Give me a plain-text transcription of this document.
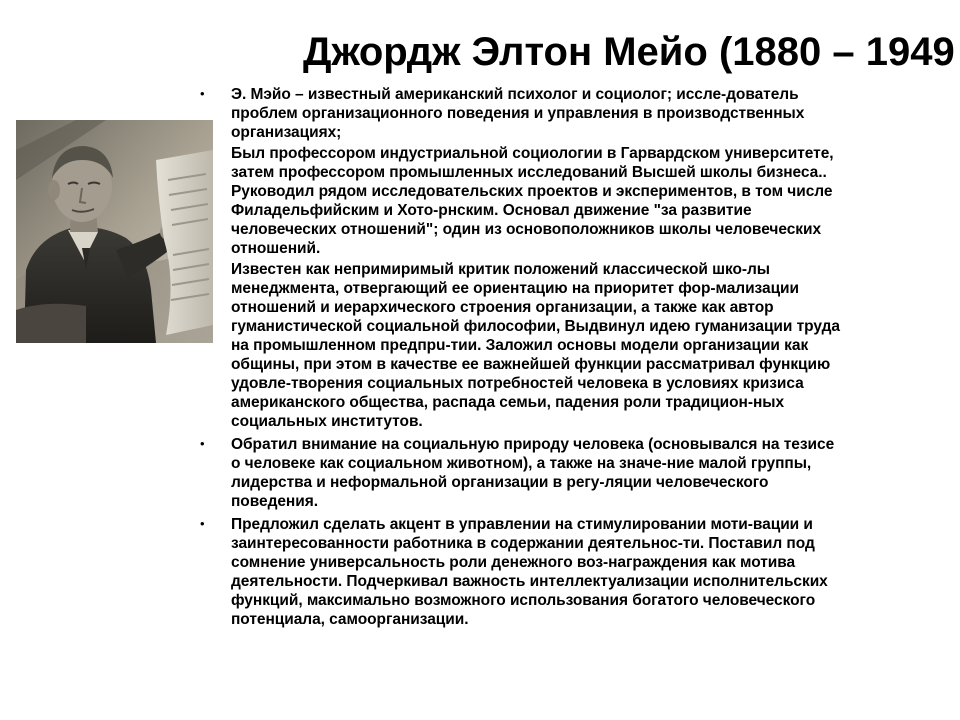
Джордж Элтон Мейо (1880 – 1949
• Э. Мэйо – известный американский психолог и социолог; иссле-дователь
проблем организационного поведения и управления в производственных
организациях;
Был профессором индустриальной социологии в Гарвардском университете,
затем профессором промышленных исследований Высшей школы бизнеса..
Руководил рядом исследовательских проектов и экспериментов, в том числе
Филадельфийским и Хото-рнским. Основал движение "за развитие
человеческих отношений"; один из основоположников школы человеческих
отношений.
Известен как непримиримый критик положений классической шко-лы
менеджмента, отвергающий ее ориентацию на приоритет фор-мализации
отношений и иерархического строения организации, а также как автор
гуманистической социальной философии, Выдвинул идею гуманизации труда
на промышленном предпрu-тии. Заложил основы модели организации как
общины, при этом в качестве ее важнейшей функции рассматривал функцию
удовле-творения социальных потребностей человека в условиях кризиса
американского общества, распада семьи, падения роли традицион-ных
социальных институтов.
• Обратил внимание на социальную природу человека (основывался на тезисе
о человеке как социальном животном), а также на значе-ние малой группы,
лидерства и неформальной организации в регу-ляции человеческого
поведения.
• Предложил сделать акцент в управлении на стимулировании моти-вации и
заинтересованности работника в содержании деятельнос-ти. Поставил под
сомнение универсальность роли денежного воз-награждения как мотива
деятельности. Подчеркивал важность интеллектуализации исполнительских
функций, максимально возможного использования богатого человеческого
потенциала, самоорганизации.
